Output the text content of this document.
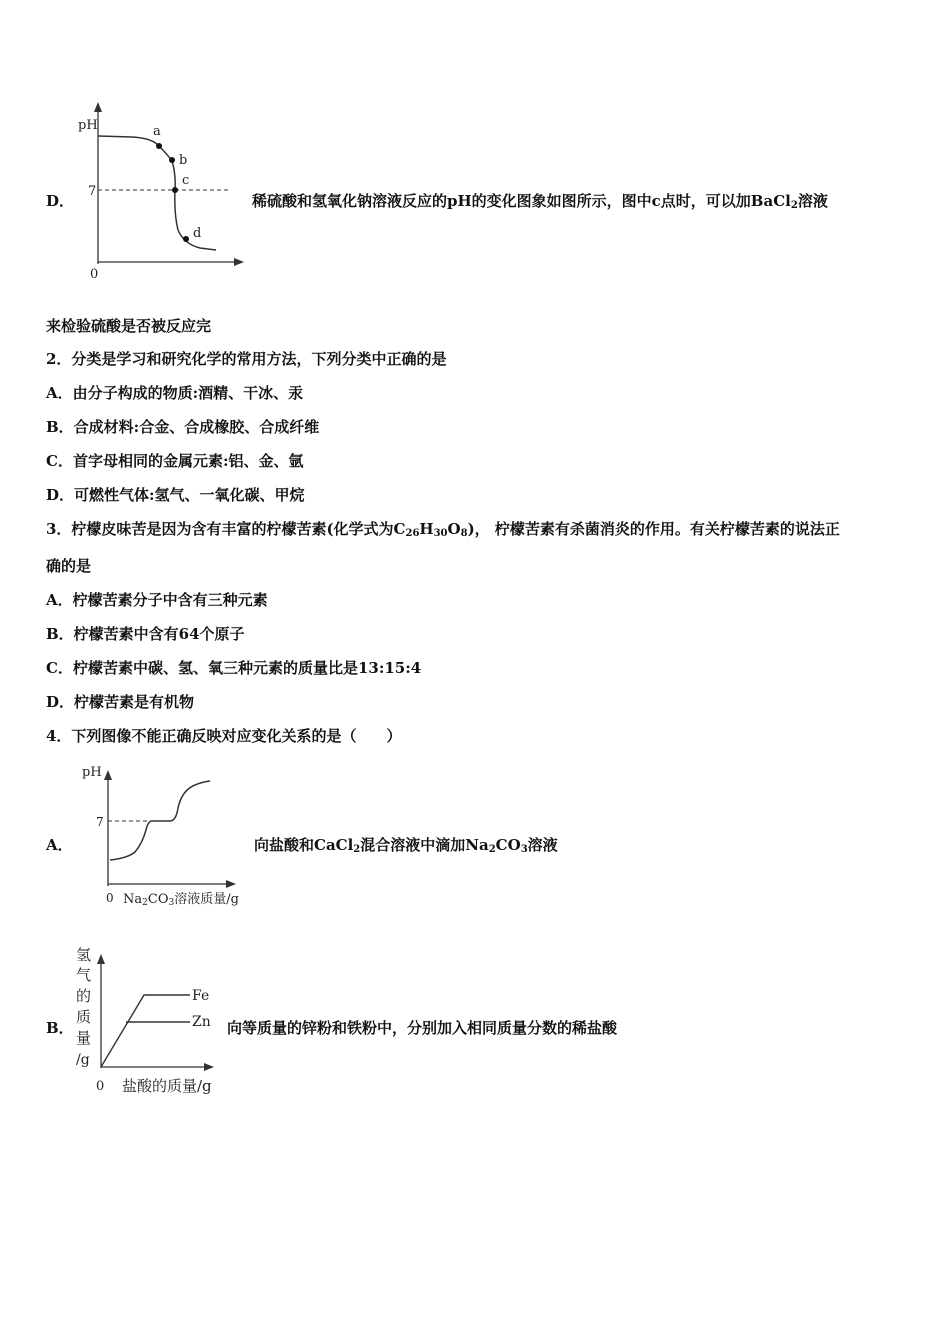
D．
pH
0
7
a
b
c
d
稀硫酸和氢氧化钠溶液反应的pH的变化图象如图所示，图中c点时，可以加BaCl$_2$溶液
来检验硫酸是否被反应完
2．分类是学习和研究化学的常用方法，下列分类中正确的是
A．由分子构成的物质:酒精、干冰、汞
B．合成材料:合金、合成橡胶、合成纤维
C．首字母相同的金属元素:铝、金、氩
D．可燃性气体:氢气、一氧化碳、甲烷
3．柠檬皮味苦是因为含有丰富的柠檬苦素(化学式为$C_{26}H_{30}O_8$)， 柠檬苦素有杀菌消炎的作用。有关柠檬苦素的说法正
确的是
A．柠檬苦素分子中含有三种元素
B．柠檬苦素中含有64个原子
C．柠檬苦素中碳、氢、氧三种元素的质量比是13:15:4
D．柠檬苦素是有机物
4．下列图像不能正确反映对应变化关系的是（　　）
A．
pH
7
0 Na2CO3溶液质量/g
向盐酸和CaCl$_2$混合溶液中滴加$Na_2CO_3$溶液
B．
氢
气
的
质
量
/g
Fe
Zn
0 盐酸的质量/g
向等质量的锌粉和铁粉中，分别加入相同质量分数的稀盐酸
